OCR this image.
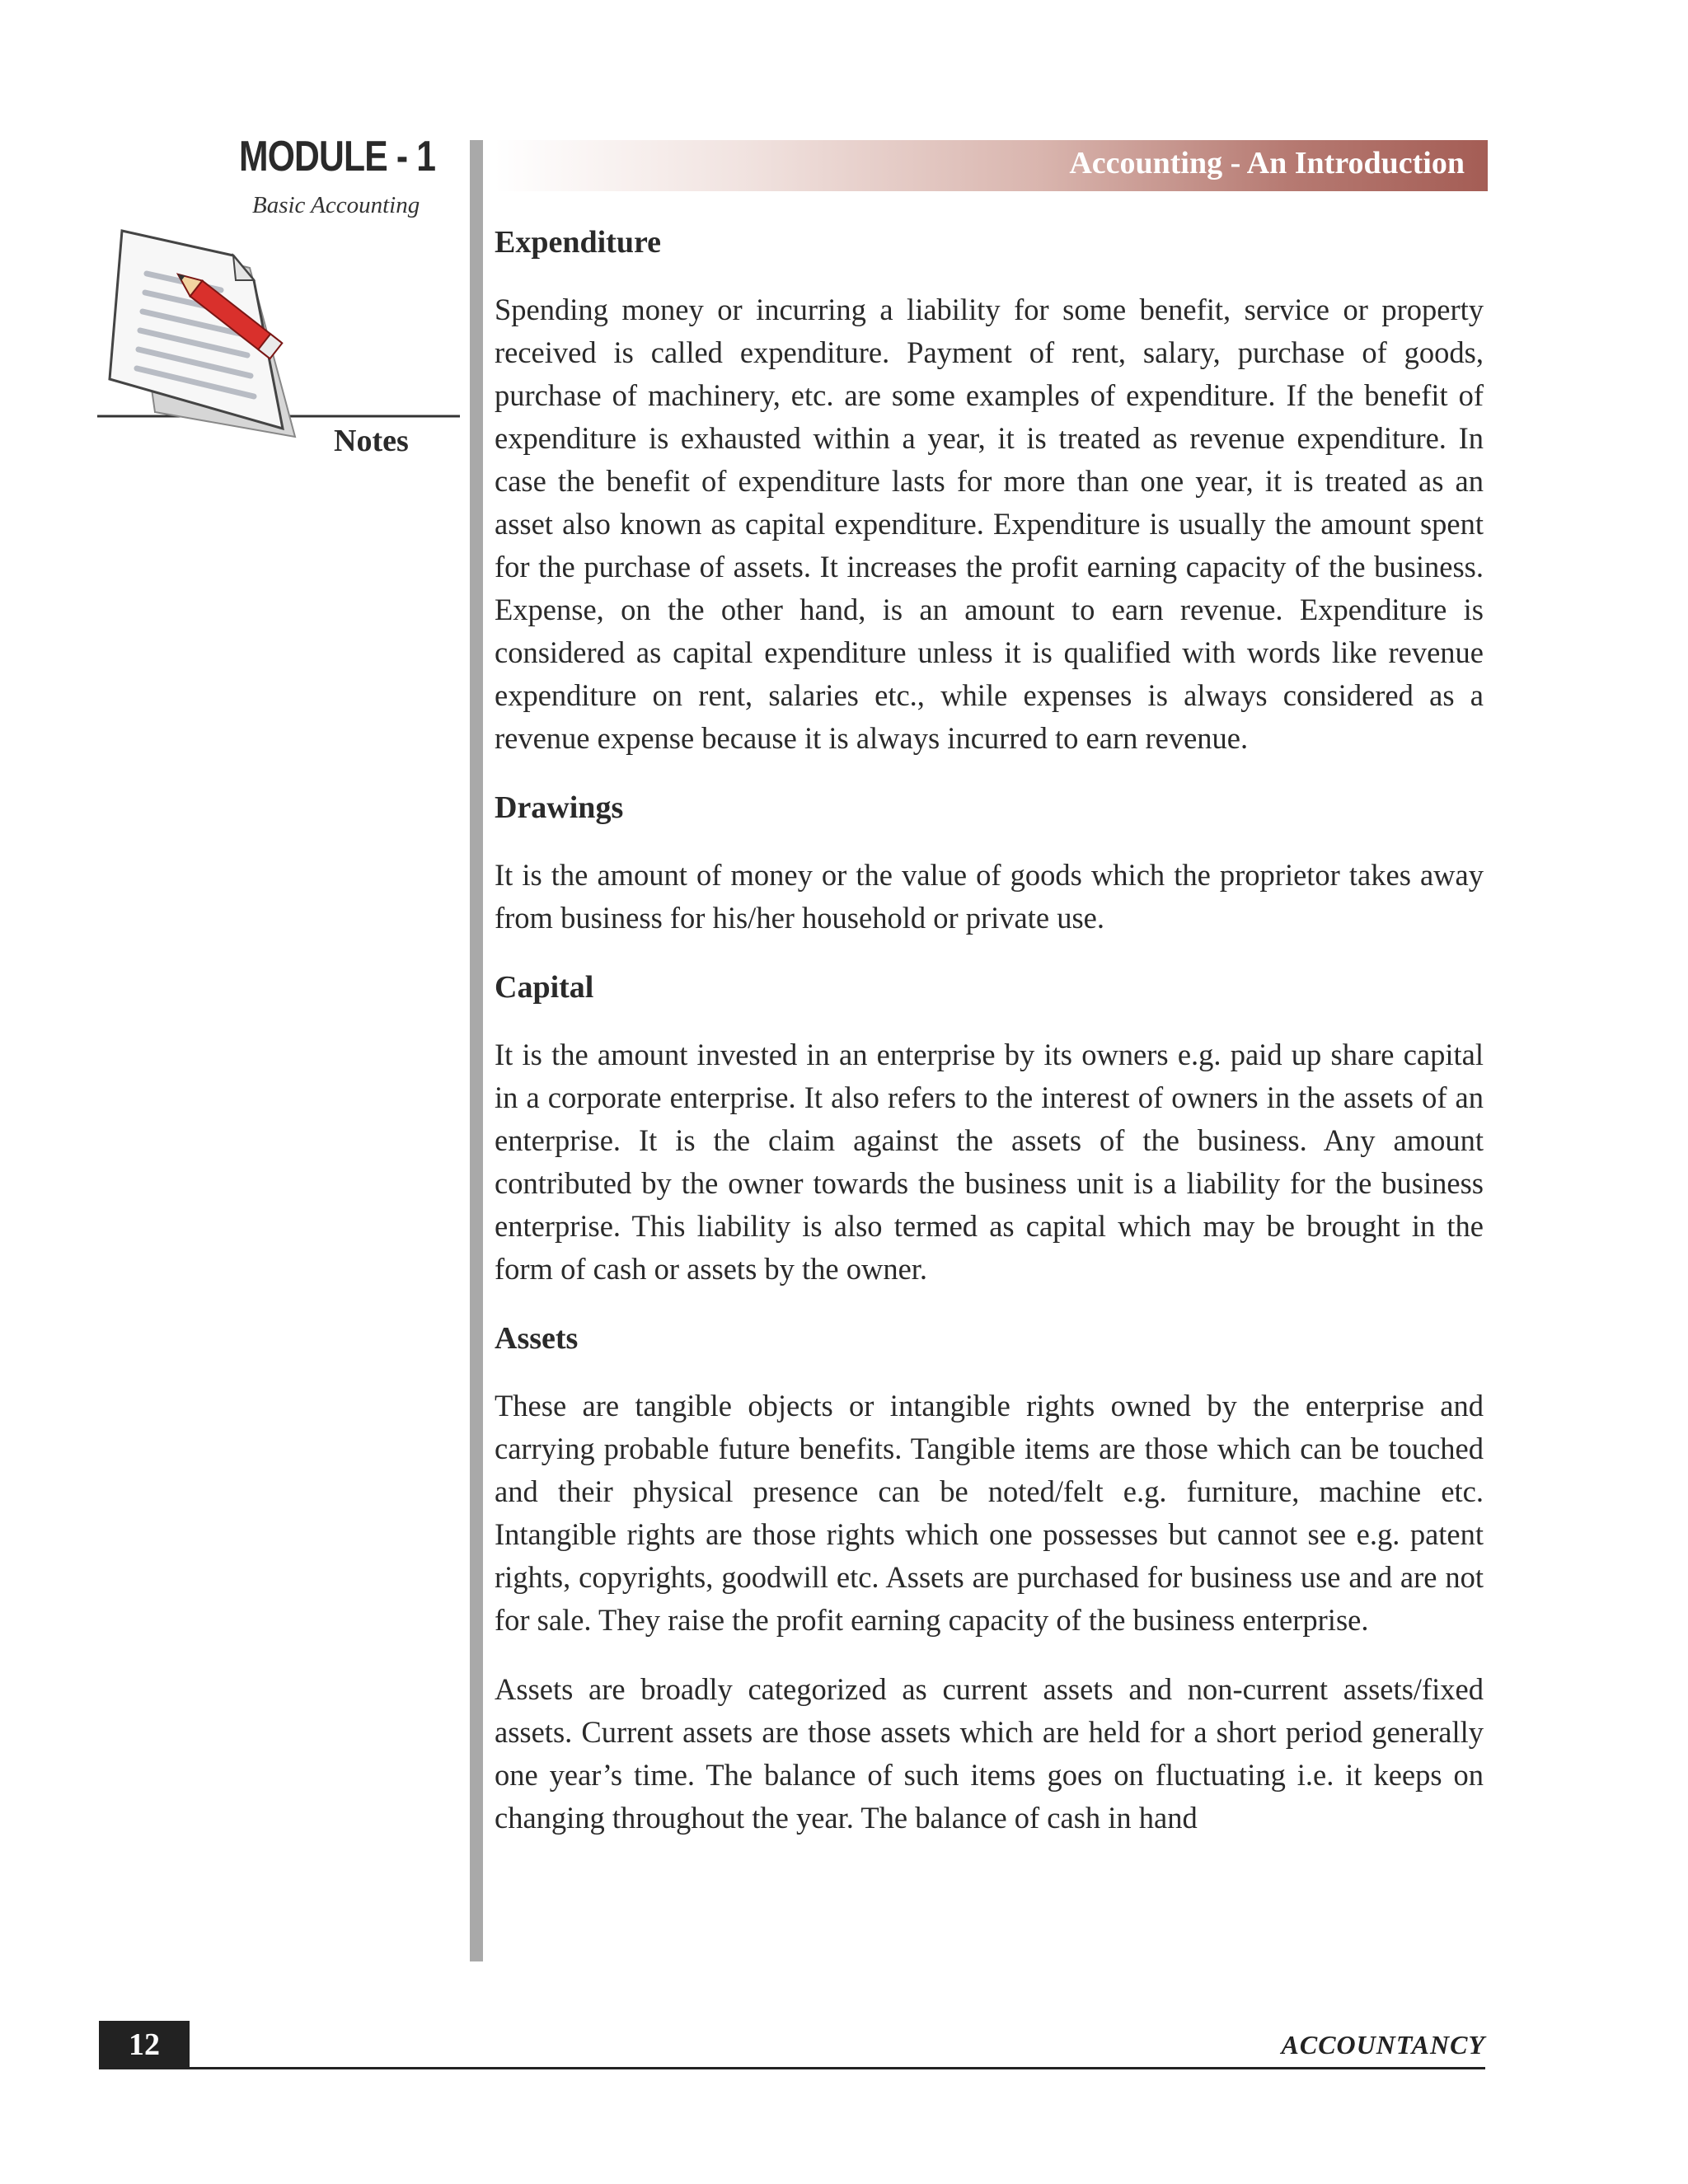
MODULE - 1
Basic Accounting
Notes
Accounting - An Introduction
Expenditure

Spending money or incurring a liability for some benefit, service or property received is called expenditure. Payment of rent, salary, purchase of goods, purchase of machinery, etc. are some examples of expenditure. If the benefit of expenditure is exhausted within a year, it is treated as revenue expenditure. In case the benefit of expenditure lasts for more than one year, it is treated as an asset also known as capital expenditure. Expenditure is usually the amount spent for the purchase of assets. It increases the profit earning capacity of the business. Expense, on the other hand, is an amount to earn revenue. Expenditure is considered as capital expenditure unless it is qualified with words like revenue expenditure on rent, salaries etc., while expenses is always considered as a revenue expense because it is always incurred to earn revenue.

Drawings

It is the amount of money or the value of goods which the proprietor takes away from business for his/her household or private use.

Capital

It is the amount invested in an enterprise by its owners e.g. paid up share capital in a corporate enterprise. It also refers to the interest of owners in the assets of an enterprise. It is the claim against the assets of the business. Any amount contributed by the owner towards the business unit is a liability for the business enterprise. This liability is also termed as capital which may be brought in the form of cash or assets by the owner.

Assets

These are tangible objects or intangible rights owned by the enterprise and carrying probable future benefits. Tangible items are those which can be touched and their physical presence can be noted/felt e.g. furniture, machine etc. Intangible rights are those rights which one possesses but cannot see e.g. patent rights, copyrights, goodwill etc. Assets are purchased for business use and are not for sale. They raise the profit earning capacity of the business enterprise.

Assets are broadly categorized as current assets and non-current assets/fixed assets. Current assets are those assets which are held for a short period generally one year’s time. The balance of such items goes on fluctuating i.e. it keeps on changing throughout the year. The balance of cash in hand

12	ACCOUNTANCY
